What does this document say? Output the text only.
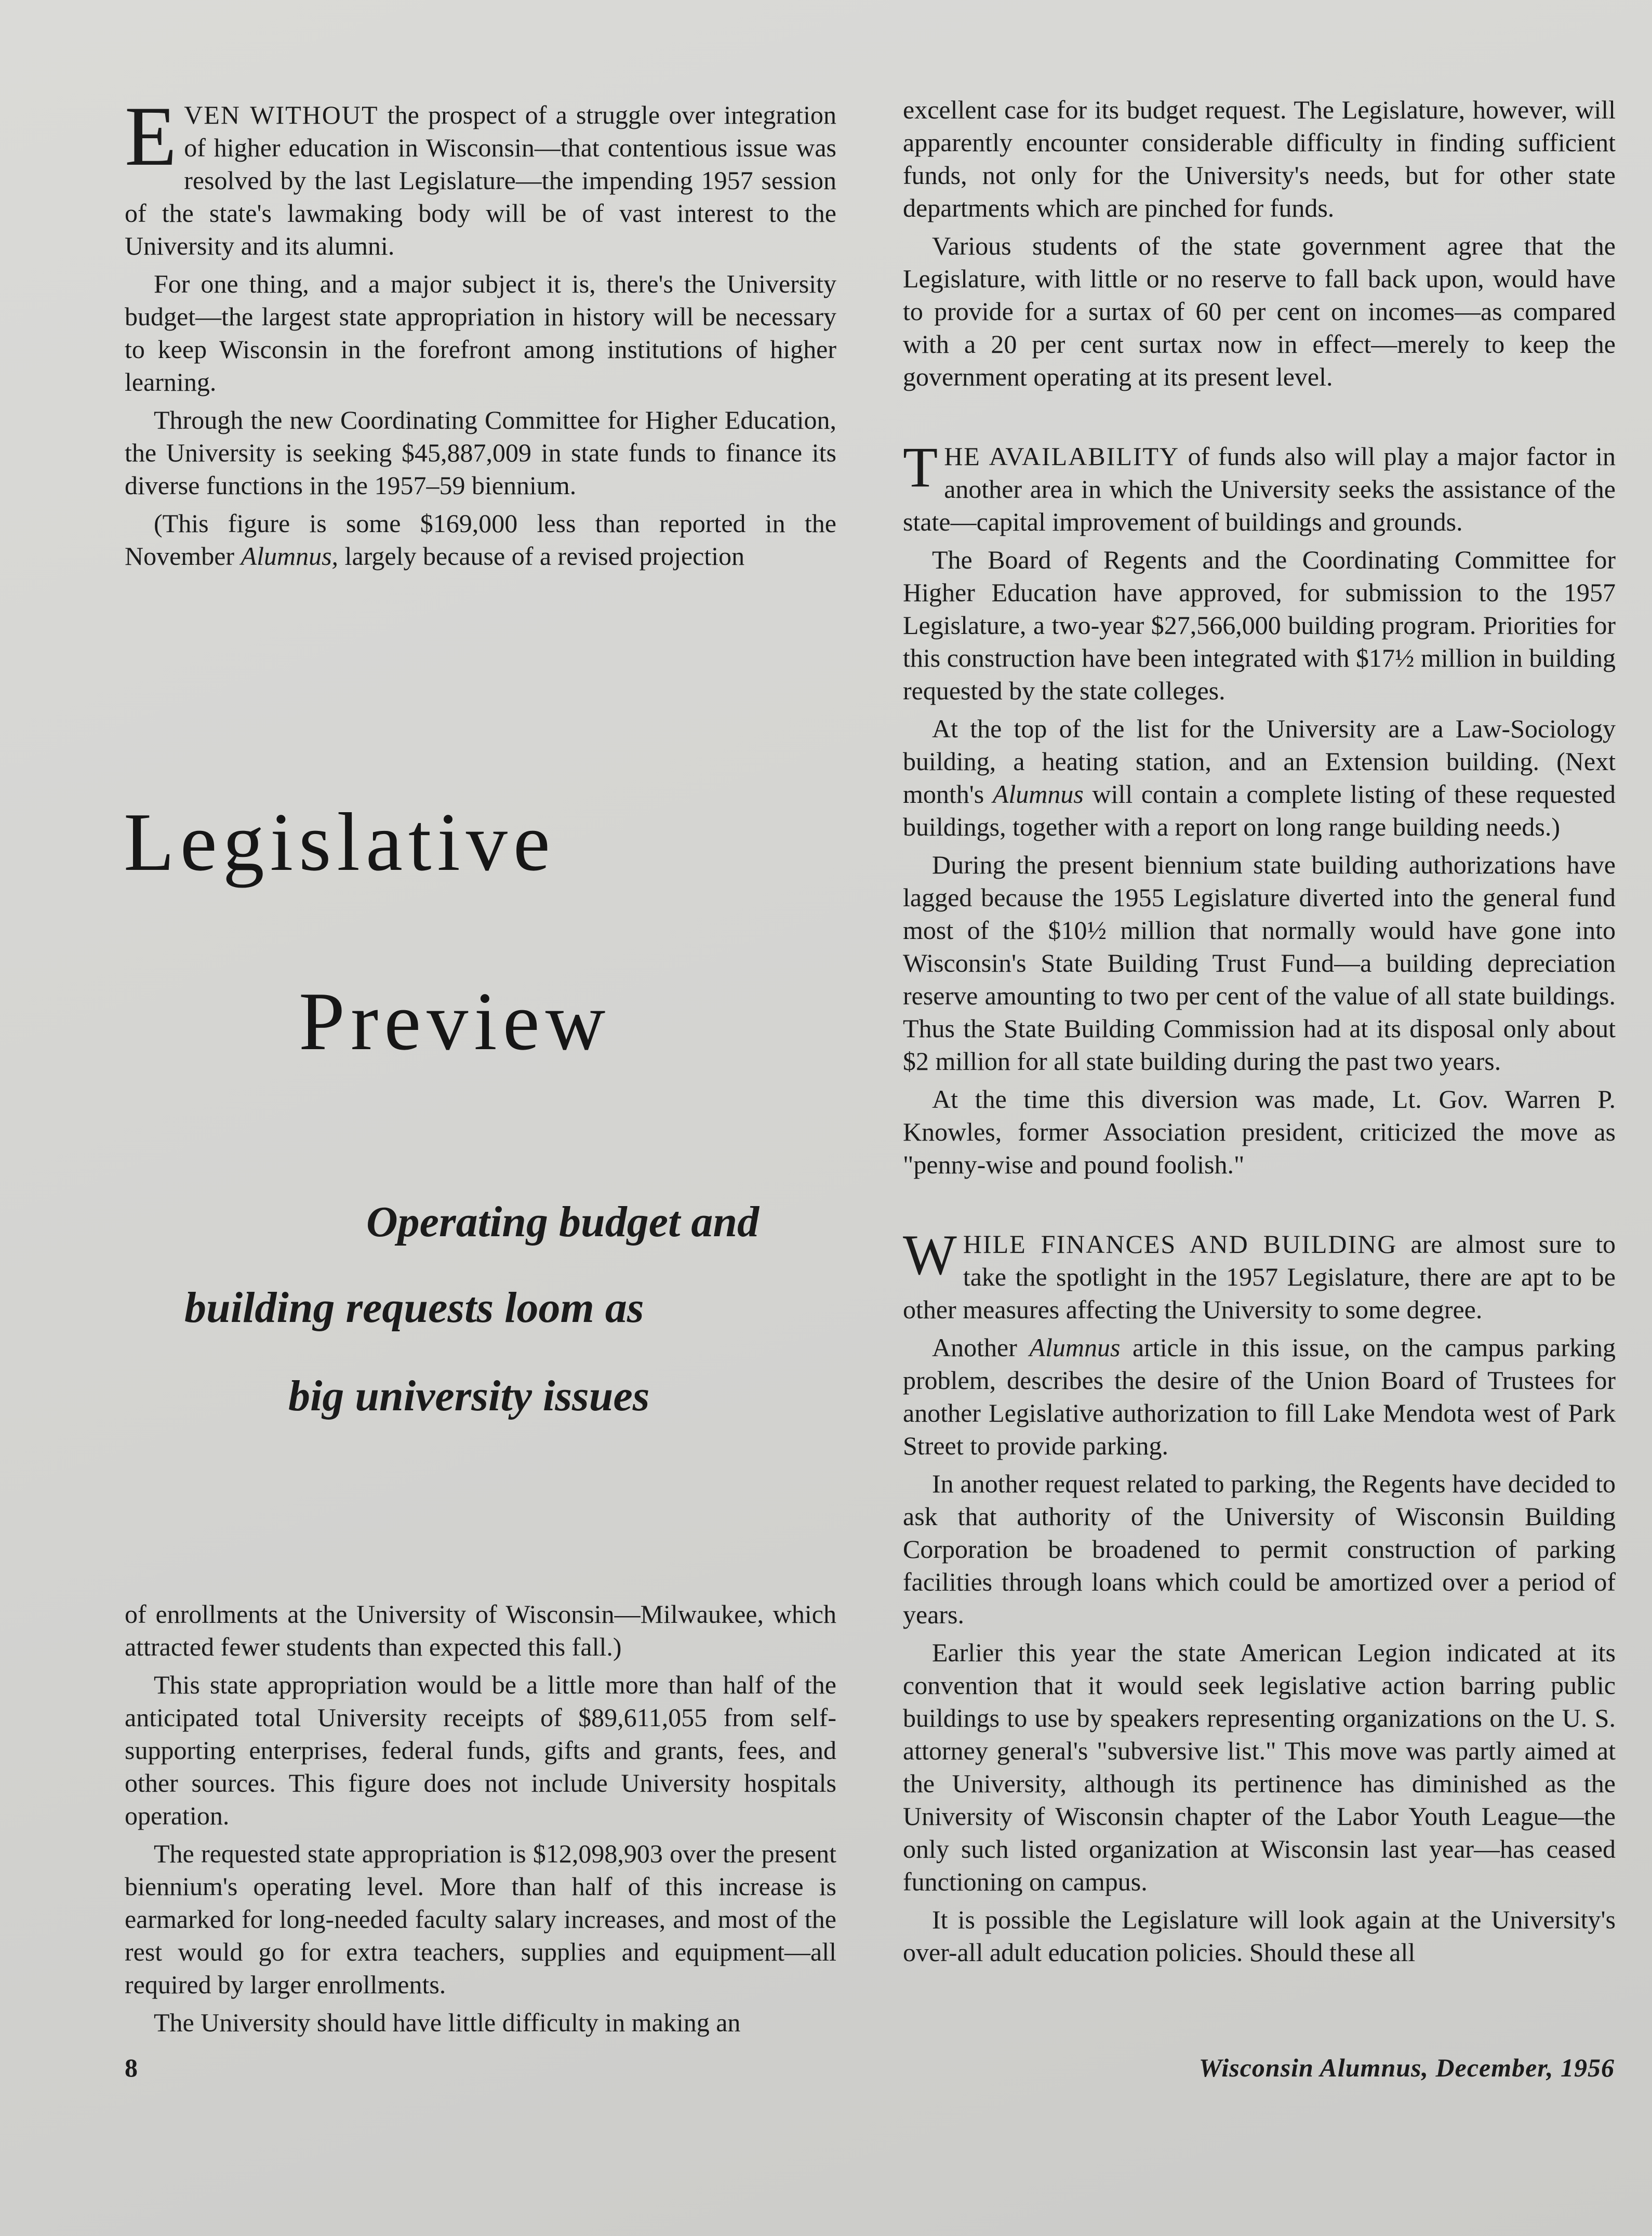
EVEN WITHOUT the prospect of a struggle over integration of higher education in Wisconsin—that contentious issue was resolved by the last Legislature—the impending 1957 session of the state's lawmaking body will be of vast interest to the University and its alumni.

For one thing, and a major subject it is, there's the University budget—the largest state appropriation in history will be necessary to keep Wisconsin in the forefront among institutions of higher learning.

Through the new Coordinating Committee for Higher Education, the University is seeking $45,887,009 in state funds to finance its diverse functions in the 1957–59 biennium.

(This figure is some $169,000 less than reported in the November Alumnus, largely because of a revised projection

Legislative
Preview
Operating budget and
building requests loom as
big university issues

of enrollments at the University of Wisconsin—Milwaukee, which attracted fewer students than expected this fall.)

This state appropriation would be a little more than half of the anticipated total University receipts of $89,611,055 from self-supporting enterprises, federal funds, gifts and grants, fees, and other sources. This figure does not include University hospitals operation.

The requested state appropriation is $12,098,903 over the present biennium's operating level. More than half of this increase is earmarked for long-needed faculty salary increases, and most of the rest would go for extra teachers, supplies and equipment—all required by larger enrollments.

The University should have little difficulty in making an

excellent case for its budget request. The Legislature, however, will apparently encounter considerable difficulty in finding sufficient funds, not only for the University's needs, but for other state departments which are pinched for funds.

Various students of the state government agree that the Legislature, with little or no reserve to fall back upon, would have to provide for a surtax of 60 per cent on incomes—as compared with a 20 per cent surtax now in effect—merely to keep the government operating at its present level.

THE AVAILABILITY of funds also will play a major factor in another area in which the University seeks the assistance of the state—capital improvement of buildings and grounds.

The Board of Regents and the Coordinating Committee for Higher Education have approved, for submission to the 1957 Legislature, a two-year $27,566,000 building program. Priorities for this construction have been integrated with $17½ million in building requested by the state colleges.

At the top of the list for the University are a Law-Sociology building, a heating station, and an Extension building. (Next month's Alumnus will contain a complete listing of these requested buildings, together with a report on long range building needs.)

During the present biennium state building authorizations have lagged because the 1955 Legislature diverted into the general fund most of the $10½ million that normally would have gone into Wisconsin's State Building Trust Fund—a building depreciation reserve amounting to two per cent of the value of all state buildings. Thus the State Building Commission had at its disposal only about $2 million for all state building during the past two years.

At the time this diversion was made, Lt. Gov. Warren P. Knowles, former Association president, criticized the move as "penny-wise and pound foolish."

WHILE FINANCES AND BUILDING are almost sure to take the spotlight in the 1957 Legislature, there are apt to be other measures affecting the University to some degree.

Another Alumnus article in this issue, on the campus parking problem, describes the desire of the Union Board of Trustees for another Legislative authorization to fill Lake Mendota west of Park Street to provide parking.

In another request related to parking, the Regents have decided to ask that authority of the University of Wisconsin Building Corporation be broadened to permit construction of parking facilities through loans which could be amortized over a period of years.

Earlier this year the state American Legion indicated at its convention that it would seek legislative action barring public buildings to use by speakers representing organizations on the U. S. attorney general's "subversive list." This move was partly aimed at the University, although its pertinence has diminished as the University of Wisconsin chapter of the Labor Youth League—the only such listed organization at Wisconsin last year—has ceased functioning on campus.

It is possible the Legislature will look again at the University's over-all adult education policies. Should these all

8	Wisconsin Alumnus, December, 1956
